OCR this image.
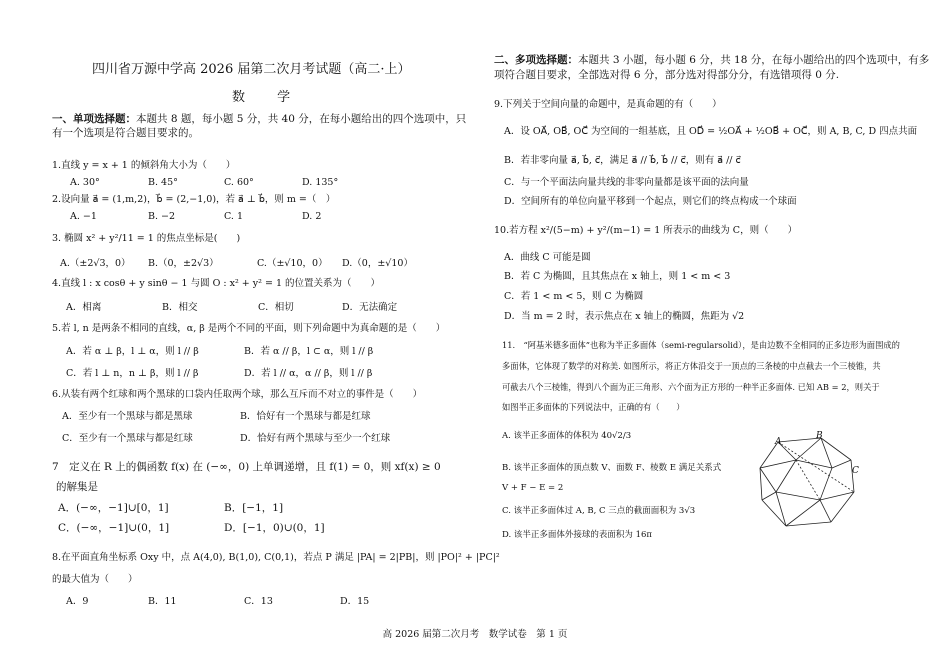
四川省万源中学高 2026 届第二次月考试题（高二·上）
数 学
一、单项选择题：本题共 8 题，每小题 5 分，共 40 分，在每小题给出的四个选项中，只
有一个选项是符合题目要求的。
1.直线 y = x + 1 的倾斜角大小为（　　）
A. 30°	B. 45°	C. 60°	D. 135°
2.设向量 a⃗ = (1,m,2)，b⃗ = (2,−1,0)，若 a⃗ ⊥ b⃗，则 m =（　）
A. −1	B. −2	C. 1	D. 2
3. 椭圆 x² + y²/11 = 1 的焦点坐标是(　　)
A.（±2√3，0） B.（0，±2√3）	C.（±√10，0） D.（0，±√10）
4.直线 l : x cosθ + y sinθ − 1 与圆 O : x² + y² = 1 的位置关系为（　　）
A．相离	B．相交	C．相切	D．无法确定
5.若 l, n 是两条不相同的直线，α, β 是两个不同的平面，则下列命题中为真命题的是（　　）
A．若 α ⊥ β，l ⊥ α，则 l // β	B．若 α // β，l ⊂ α，则 l // β
C．若 l ⊥ n，n ⊥ β，则 l // β	D．若 l // α，α // β，则 l // β
6.从装有两个红球和两个黑球的口袋内任取两个球，那么互斥而不对立的事件是（　　）
A．至少有一个黑球与都是黑球	B．恰好有一个黑球与都是红球
C．至少有一个黑球与都是红球	D．恰好有两个黑球与至少一个红球
7　定义在 R 上的偶函数 f(x) 在 (−∞，0) 上单调递增，且 f(1) = 0，则 xf(x) ≥ 0
的解集是
A．(−∞，−1]∪[0，1]	B．[−1，1]
C．(−∞，−1]∪(0，1]	D．[−1，0)∪(0，1]
8.在平面直角坐标系 Oxy 中，点 A(4,0), B(1,0), C(0,1)，若点 P 满足 |PA| = 2|PB|，则 |PO|² + |PC|²
的最大值为（　　）
A．9	B．11	C．13	D．15
二、多项选择题：本题共 3 小题，每小题 6 分，共 18 分，在每小题给出的四个选项中，有多
项符合题目要求，全部选对得 6 分，部分选对得部分分，有选错项得 0 分.
9.下列关于空间向量的命题中，是真命题的有（　　）
A．设 OA⃗, OB⃗, OC⃗ 为空间的一组基底，且 OD⃗ = ½OA⃗ + ½OB⃗ + OC⃗，则 A, B, C, D 四点共面
B．若非零向量 a⃗, b⃗, c⃗，满足 a⃗ // b⃗, b⃗ // c⃗，则有 a⃗ // c⃗
C．与一个平面法向量共线的非零向量都是该平面的法向量
D．空间所有的单位向量平移到一个起点，则它们的终点构成一个球面
10.若方程 x²/(5−m) + y²/(m−1) = 1 所表示的曲线为 C，则（　　）
A．曲线 C 可能是圆
B．若 C 为椭圆，且其焦点在 x 轴上，则 1 < m < 3
C．若 1 < m < 5，则 C 为椭圆
D．当 m = 2 时，表示焦点在 x 轴上的椭圆，焦距为 √2
11.　“阿基米德多面体”也称为半正多面体（semi-regularsolid），是由边数不全相同的正多边形为面围成的
多面体，它体现了数学的对称美. 如图所示，将正方体沿交于一顶点的三条棱的中点截去一个三棱锥，共
可截去八个三棱锥，得到八个面为正三角形、六个面为正方形的一种半正多面体. 已知 AB = 2，则关于
如图半正多面体的下列说法中，正确的有（　　）
A. 该半正多面体的体积为 40√2/3
B. 该半正多面体的顶点数 V、面数 F、棱数 E 满足关系式
V + F − E = 2
C. 该半正多面体过 A, B, C 三点的截面面积为 3√3
D. 该半正多面体外接球的表面积为 16π
A
B
C
高 2026 届第二次月考　数学试卷　第 1 页
